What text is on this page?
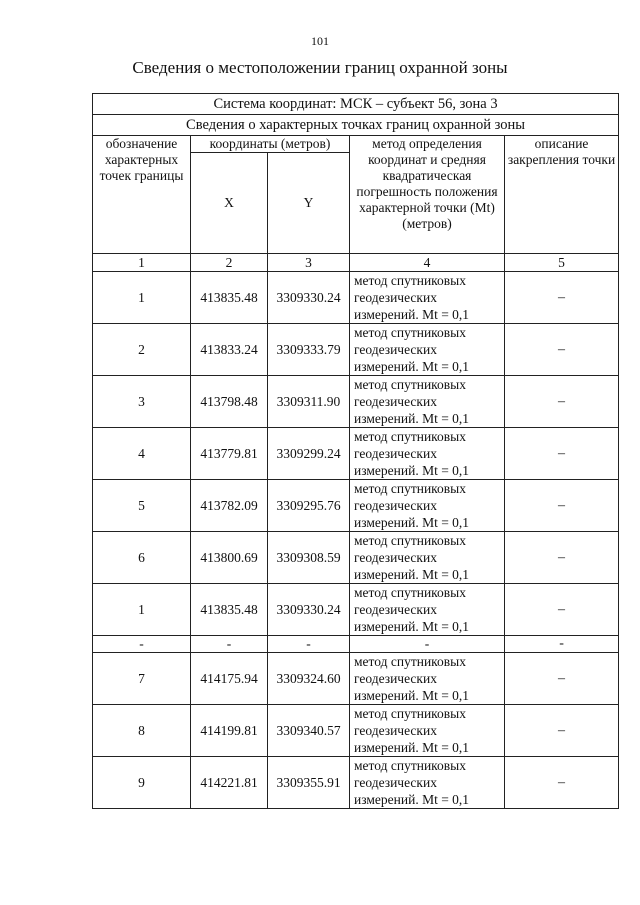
101
Сведения о местоположении границ охранной зоны
Система координат: МСК – субъект 56, зона 3				
Сведения о характерных точках границ охранной зоны				
обозначение характерных точек границы	координаты (метров)		метод определения координат и средняя квадратическая погрешность положения характерной точки (Mt) (метров)	описание закрепления точки
	X	Y		
1	2	3	4	5
1	413835.48	3309330.24	метод спутниковых геодезических измерений. Mt = 0,1	–
2	413833.24	3309333.79	метод спутниковых геодезических измерений. Mt = 0,1	–
3	413798.48	3309311.90	метод спутниковых геодезических измерений. Mt = 0,1	–
4	413779.81	3309299.24	метод спутниковых геодезических измерений. Mt = 0,1	–
5	413782.09	3309295.76	метод спутниковых геодезических измерений. Mt = 0,1	–
6	413800.69	3309308.59	метод спутниковых геодезических измерений. Mt = 0,1	–
1	413835.48	3309330.24	метод спутниковых геодезических измерений. Mt = 0,1	–
-	-	-	-	-
7	414175.94	3309324.60	метод спутниковых геодезических измерений. Mt = 0,1	–
8	414199.81	3309340.57	метод спутниковых геодезических измерений. Mt = 0,1	–
9	414221.81	3309355.91	метод спутниковых геодезических измерений. Mt = 0,1	–
